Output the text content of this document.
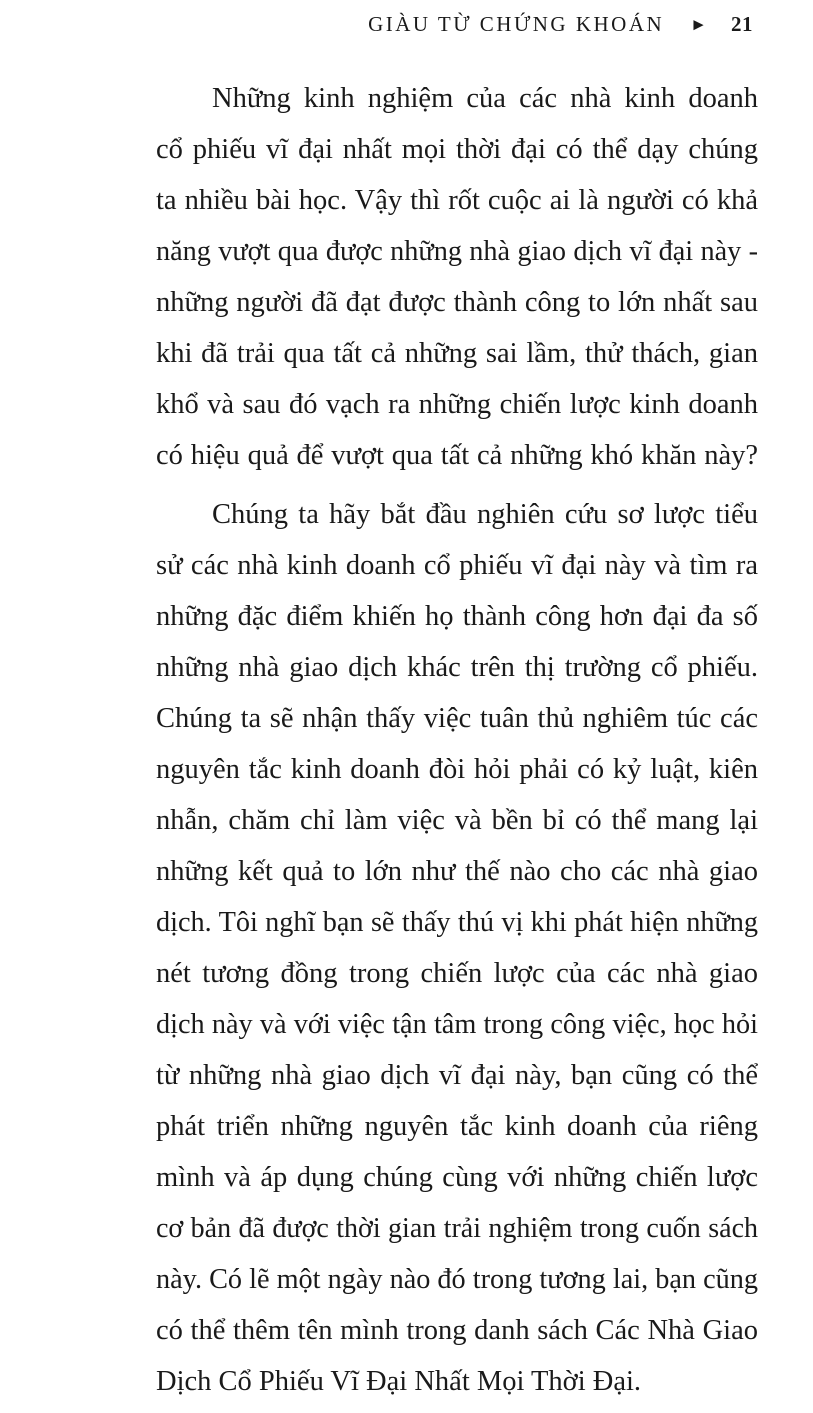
GIÀU TỪ CHỨNG KHOÁN ► 21
Những kinh nghiệm của các nhà kinh doanh
cổ phiếu vĩ đại nhất mọi thời đại có thể dạy chúng
ta nhiều bài học. Vậy thì rốt cuộc ai là người có khả
năng vượt qua được những nhà giao dịch vĩ đại này -
những người đã đạt được thành công to lớn nhất sau
khi đã trải qua tất cả những sai lầm, thử thách, gian
khổ và sau đó vạch ra những chiến lược kinh doanh
có hiệu quả để vượt qua tất cả những khó khăn này?
Chúng ta hãy bắt đầu nghiên cứu sơ lược tiểu
sử các nhà kinh doanh cổ phiếu vĩ đại này và tìm ra
những đặc điểm khiến họ thành công hơn đại đa số
những nhà giao dịch khác trên thị trường cổ phiếu.
Chúng ta sẽ nhận thấy việc tuân thủ nghiêm túc các
nguyên tắc kinh doanh đòi hỏi phải có kỷ luật, kiên
nhẫn, chăm chỉ làm việc và bền bỉ có thể mang lại
những kết quả to lớn như thế nào cho các nhà giao
dịch. Tôi nghĩ bạn sẽ thấy thú vị khi phát hiện những
nét tương đồng trong chiến lược của các nhà giao
dịch này và với việc tận tâm trong công việc, học hỏi
từ những nhà giao dịch vĩ đại này, bạn cũng có thể
phát triển những nguyên tắc kinh doanh của riêng
mình và áp dụng chúng cùng với những chiến lược
cơ bản đã được thời gian trải nghiệm trong cuốn sách
này. Có lẽ một ngày nào đó trong tương lai, bạn cũng
có thể thêm tên mình trong danh sách Các Nhà Giao
Dịch Cổ Phiếu Vĩ Đại Nhất Mọi Thời Đại.
